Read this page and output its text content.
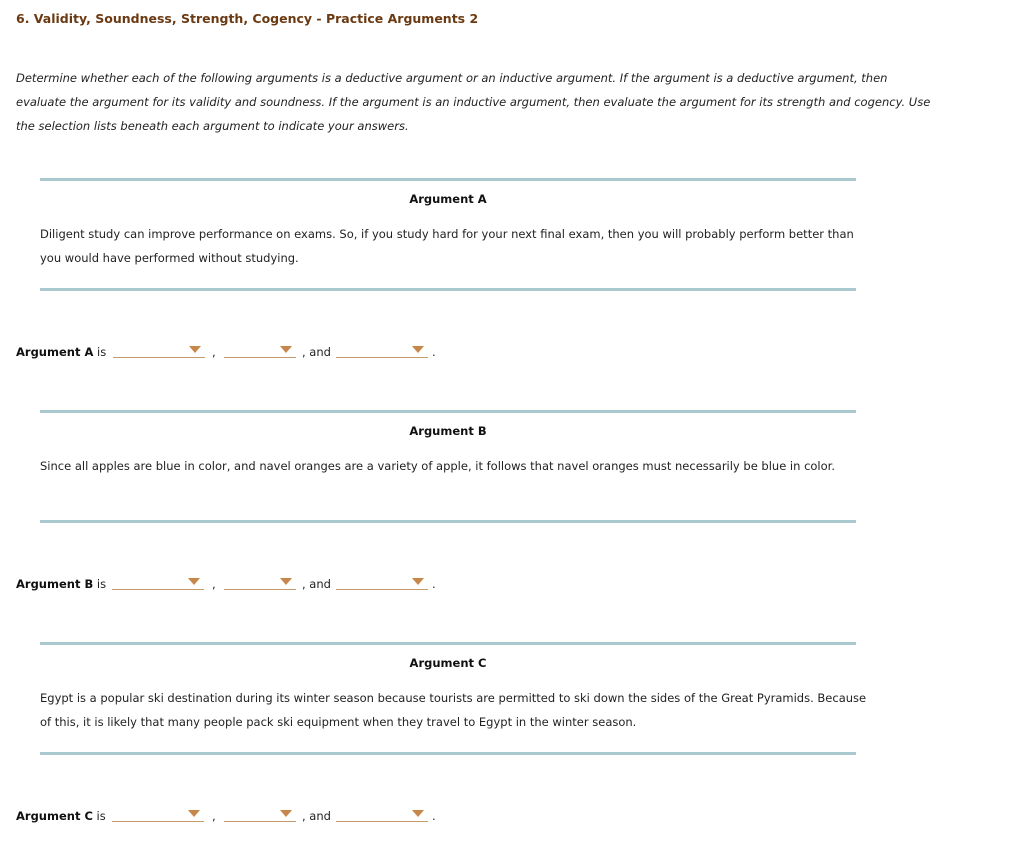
6. Validity, Soundness, Strength, Cogency - Practice Arguments 2
Determine whether each of the following arguments is a deductive argument or an inductive argument. If the argument is a deductive argument, then evaluate the argument for its validity and soundness. If the argument is an inductive argument, then evaluate the argument for its strength and cogency. Use the selection lists beneath each argument to indicate your answers.
Argument A
Diligent study can improve performance on exams. So, if you study hard for your next final exam, then you will probably perform better than you would have performed without studying.
Argument A is	,	, and	.
Argument B
Since all apples are blue in color, and navel oranges are a variety of apple, it follows that navel oranges must necessarily be blue in color.
Argument B is	,	, and	.
Argument C
Egypt is a popular ski destination during its winter season because tourists are permitted to ski down the sides of the Great Pyramids. Because of this, it is likely that many people pack ski equipment when they travel to Egypt in the winter season.
Argument C is	,	, and	.
